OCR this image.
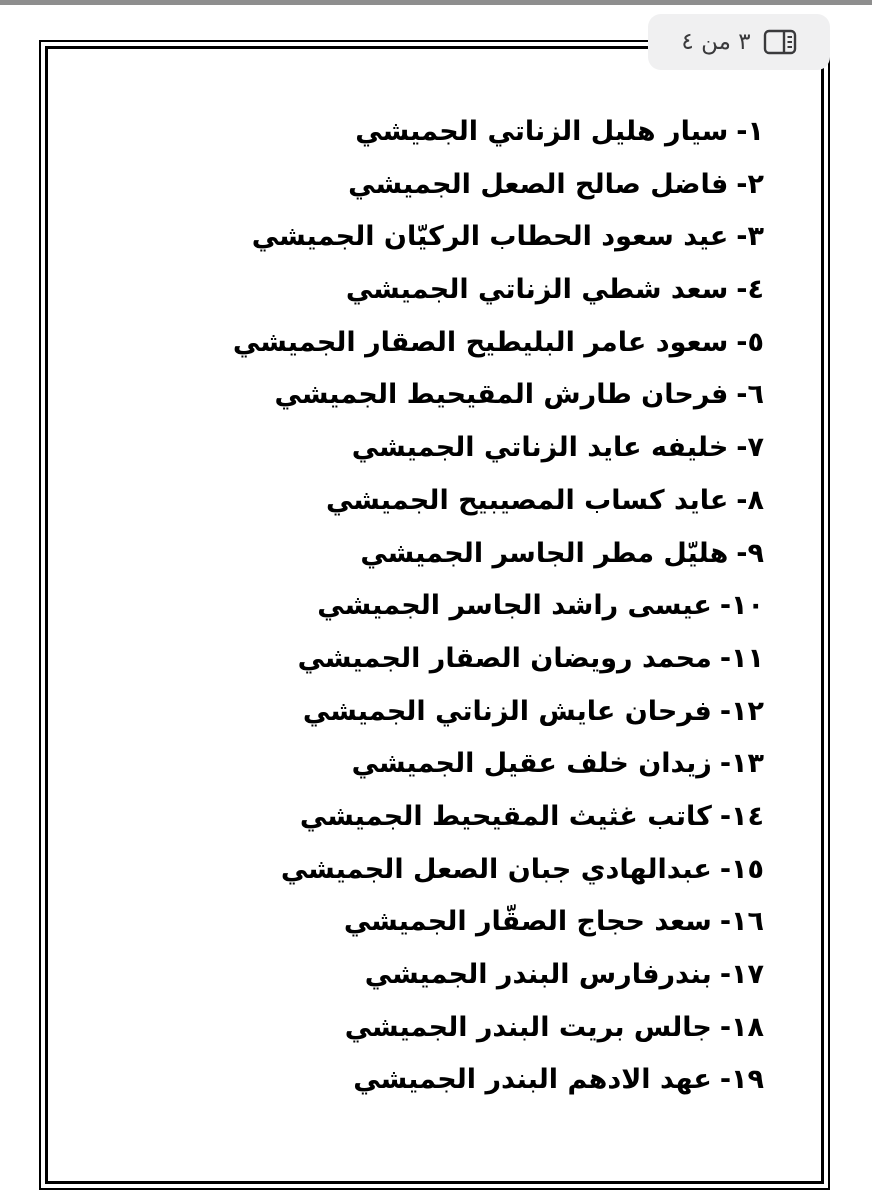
٣ من ٤
١-سيار هليل الزناتي الجميشي
٢-فاضل صالح الصعل الجميشي
٣-عيد سعود الحطاب الركيّان الجميشي
٤-سعد شطي الزناتي الجميشي
٥-سعود عامر البليطيح الصقار الجميشي
٦-فرحان طارش المقيحيط الجميشي
٧-خليفه عايد الزناتي الجميشي
٨-عايد كساب المصيبيح الجميشي
٩-هليّل مطر الجاسر الجميشي
١٠-عيسى راشد الجاسر الجميشي
١١-محمد رويضان الصقار الجميشي
١٢-فرحان عايش الزناتي الجميشي
١٣-زيدان خلف عقيل الجميشي
١٤-كاتب غثيث المقيحيط الجميشي
١٥-عبدالهادي جبان الصعل الجميشي
١٦-سعد حجاج الصقّار الجميشي
١٧-بندرفارس البندر الجميشي
١٨-جالس بريت البندر الجميشي
١٩-عهد الادهم البندر الجميشي
